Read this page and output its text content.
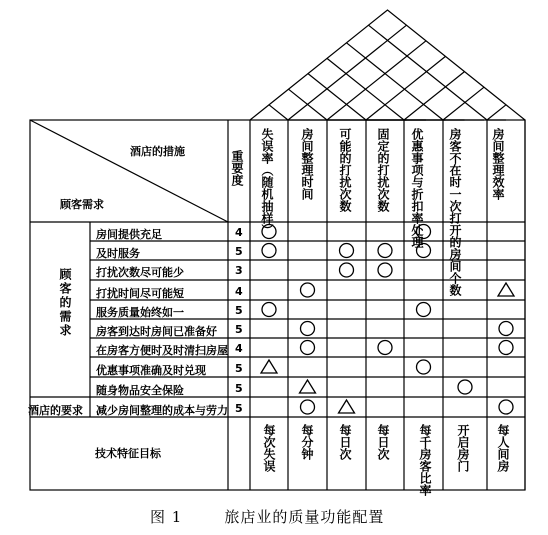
酒店的措施
顾客需求
重要度
顾客的需求
酒店的要求
技术特征目标
失误率（随机抽样） 房间整理时间 可能的打扰次数 固定的打扰次数 优惠事项与折扣率处理 房客不在时一次打开的房间个数 房间整理效率
房间提供充足
及时服务
打扰次数尽可能少
打扰时间尽可能短
服务质量始终如一
房客到达时房间已准备好
在房客方便时及时清扫房屋
优惠事项准确及时兑现
随身物品安全保险
减少房间整理的成本与劳力
4
5
3
4
5
5
4
5
5
5
每次失误 每分钟 每日次 每日次 每千房客比率 开启房门 每人间房
图 1	旅店业的质量功能配置
